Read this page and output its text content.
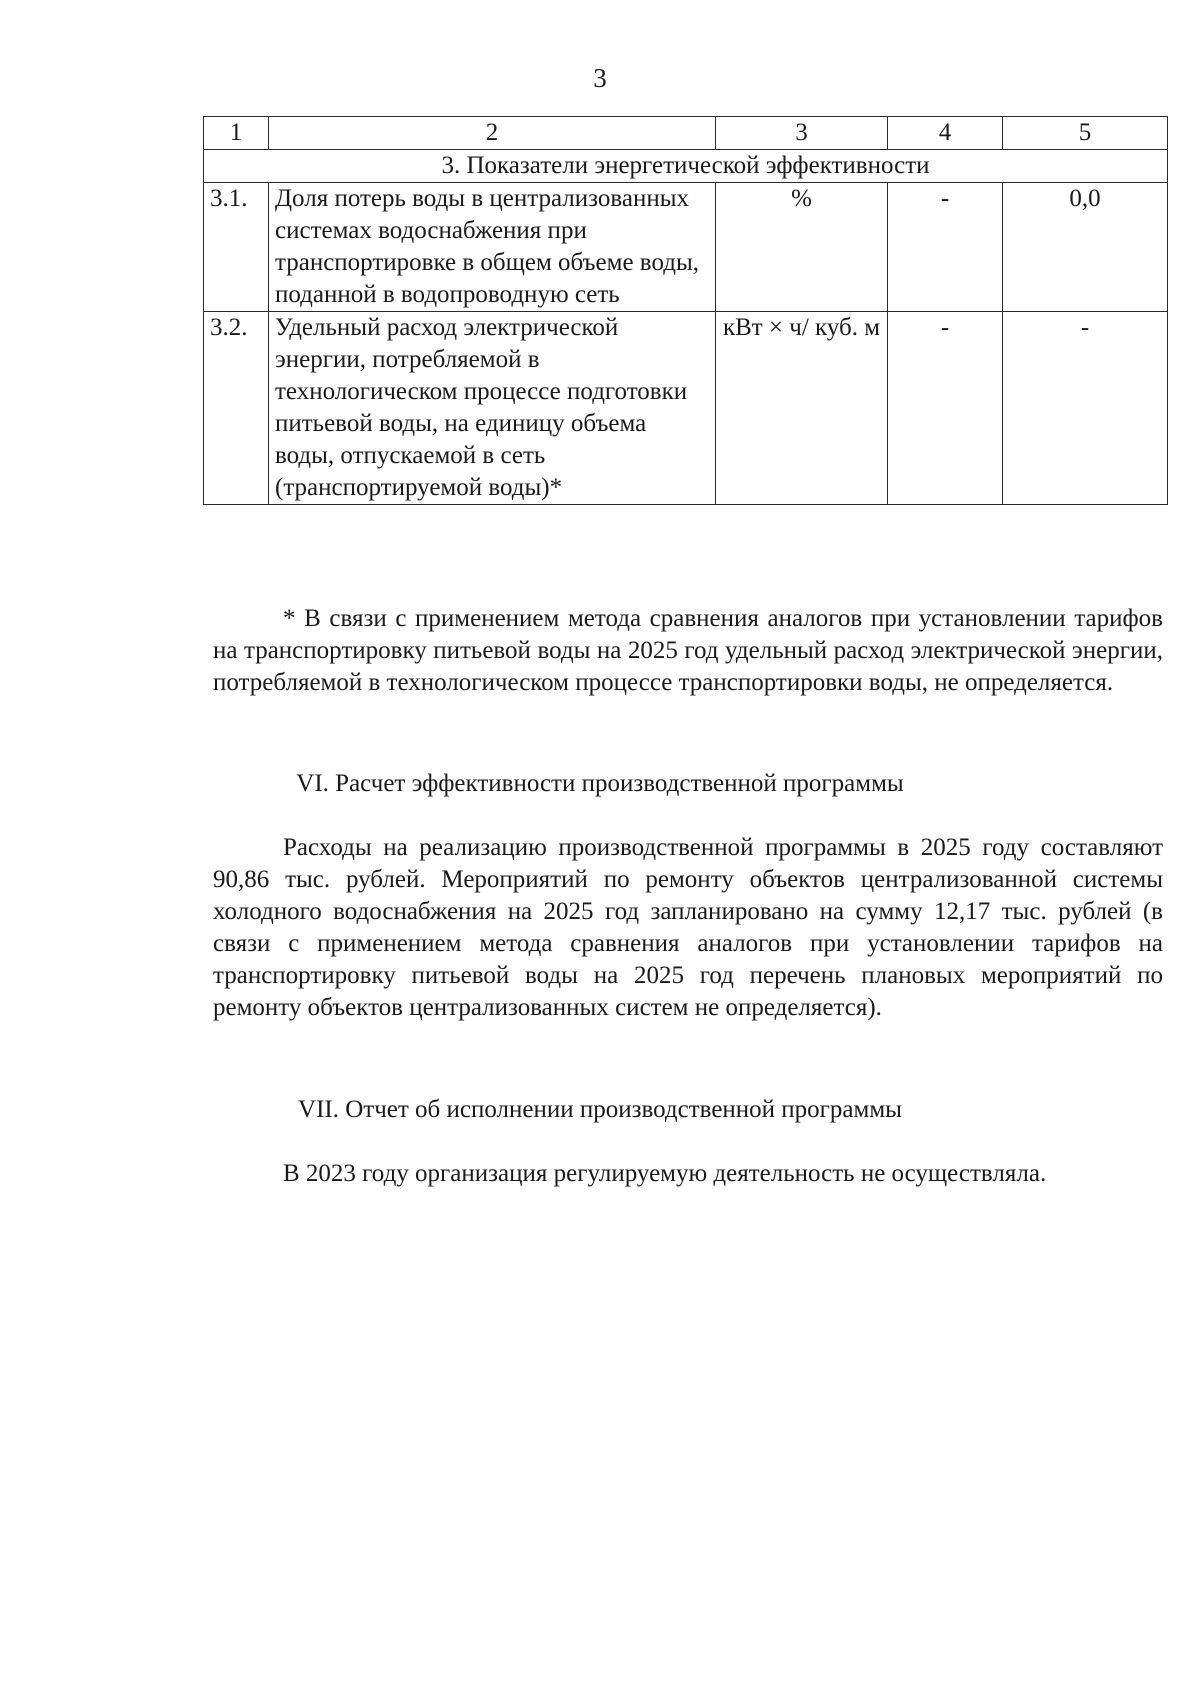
3
1	2	3	4	5
3. Показатели энергетической эффективности				
3.1.	Доля потерь воды в централизованных системах водоснабжения при транспортировке в общем объеме воды, поданной в водопроводную сеть	%	-	0,0
3.2.	Удельный расход электрической энергии, потребляемой в технологическом процессе подготовки питьевой воды, на единицу объема воды, отпускаемой в сеть (транспортируемой воды)*	кВт × ч/ куб. м	-	-
* В связи с применением метода сравнения аналогов при установлении тарифов на транспортировку питьевой воды на 2025 год удельный расход электрической энергии, потребляемой в технологическом процессе транспортировки воды, не определяется.
VI. Расчет эффективности производственной программы
Расходы на реализацию производственной программы в 2025 году составляют 90,86 тыс. рублей. Мероприятий по ремонту объектов централизованной системы холодного водоснабжения на 2025 год запланировано на сумму 12,17 тыс. рублей (в связи с применением метода сравнения аналогов при установлении тарифов на транспортировку питьевой воды на 2025 год перечень плановых мероприятий по ремонту объектов централизованных систем не определяется).
VII. Отчет об исполнении производственной программы
В 2023 году организация регулируемую деятельность не осуществляла.
